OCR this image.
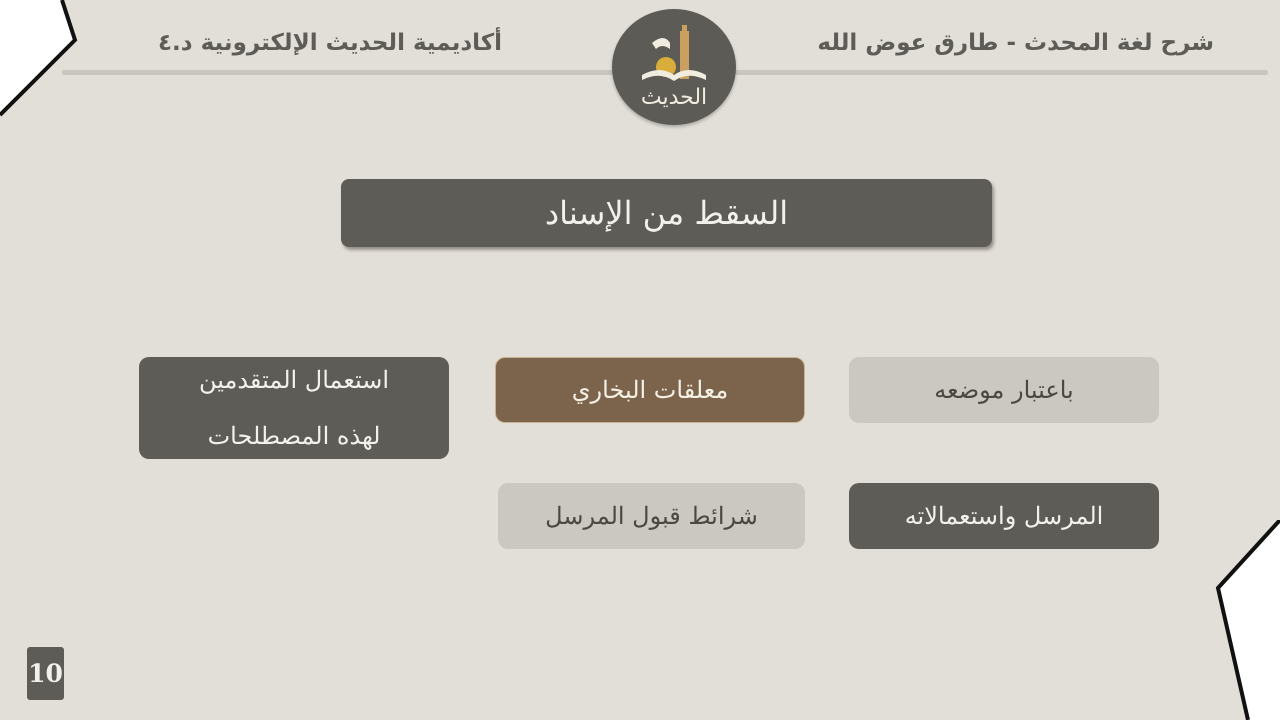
شرح لغة المحدث - طارق عوض الله
أكاديمية الحديث الإلكترونية د.٤
الحديث
السقط من الإسناد
باعتبار موضعه
معلقات البخاري
استعمال المتقدمين
لهذه المصطلحات
المرسل واستعمالاته
شرائط قبول المرسل
10
